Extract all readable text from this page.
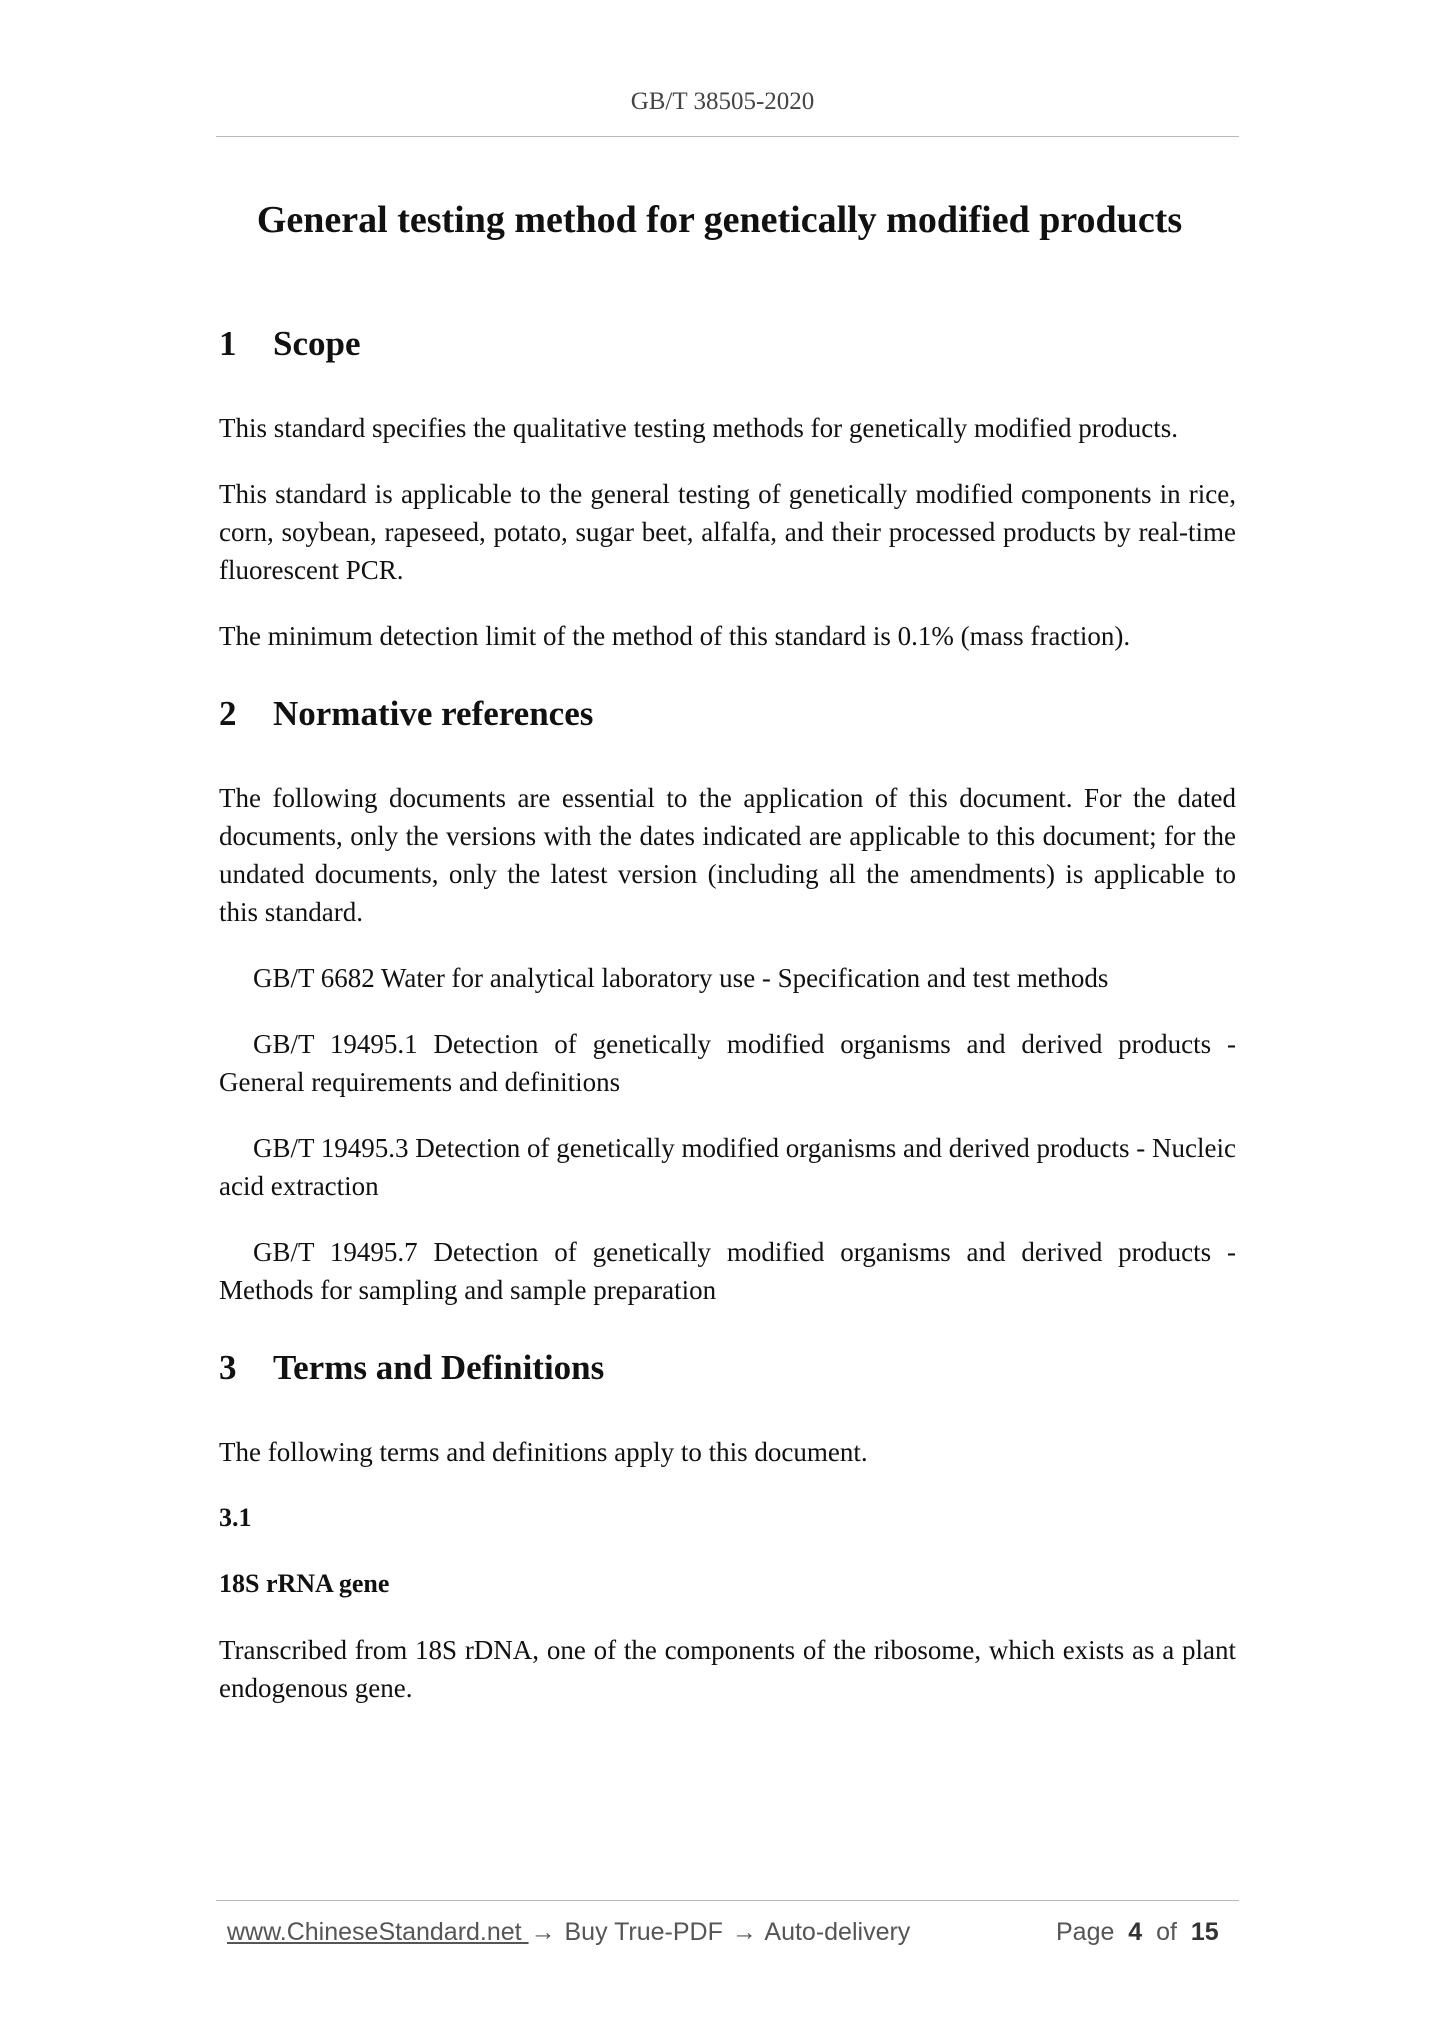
GB/T 38505-2020
General testing method for genetically modified products
1	Scope

This standard specifies the qualitative testing methods for genetically modified products.

This standard is applicable to the general testing of genetically modified components in rice, corn, soybean, rapeseed, potato, sugar beet, alfalfa, and their processed products by real-time fluorescent PCR.

The minimum detection limit of the method of this standard is 0.1% (mass fraction).

2	Normative references

The following documents are essential to the application of this document. For the dated documents, only the versions with the dates indicated are applicable to this document; for the undated documents, only the latest version (including all the amendments) is applicable to this standard.

GB/T 6682 Water for analytical laboratory use - Specification and test methods

GB/T 19495.1 Detection of genetically modified organisms and derived products - General requirements and definitions

GB/T 19495.3 Detection of genetically modified organisms and derived products - Nucleic acid extraction

GB/T 19495.7 Detection of genetically modified organisms and derived products - Methods for sampling and sample preparation

3	Terms and Definitions

The following terms and definitions apply to this document.

3.1

18S rRNA gene

Transcribed from 18S rDNA, one of the components of the ribosome, which exists as a plant endogenous gene.

www.ChineseStandard.net → Buy True-PDF → Auto-delivery	Page 4 of 15
